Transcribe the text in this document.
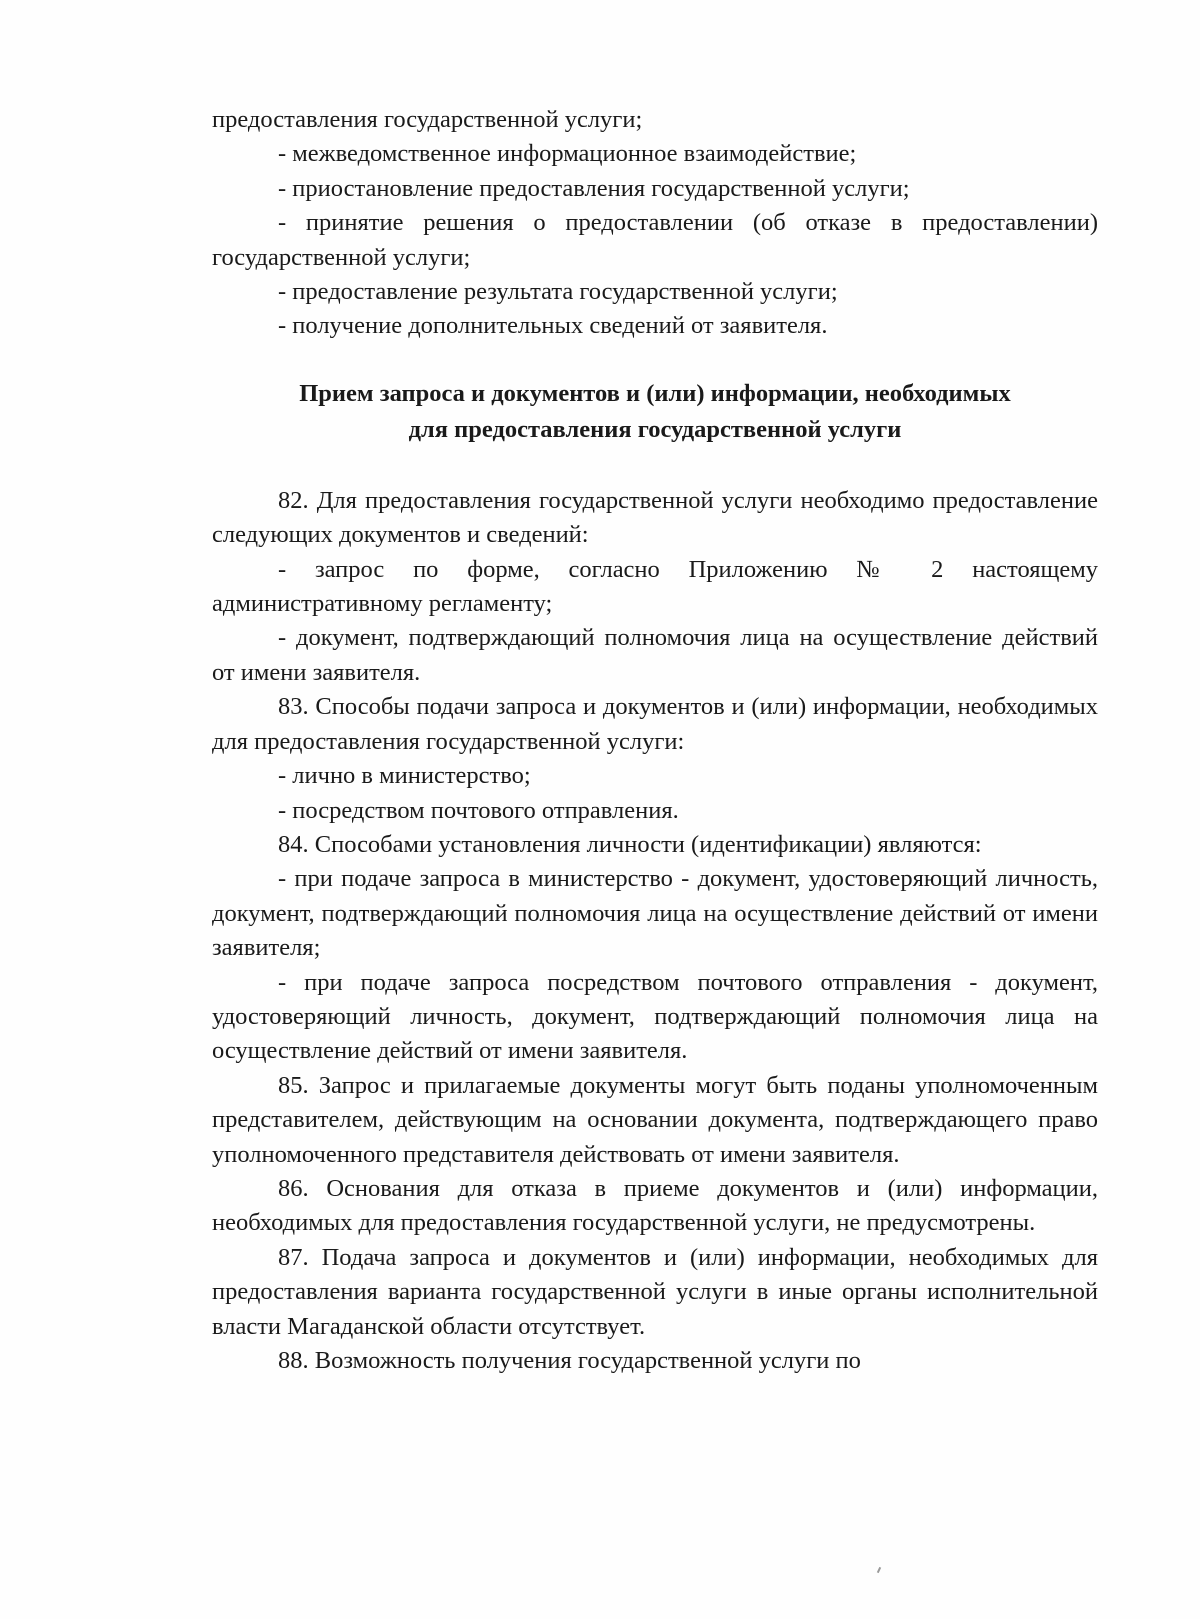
предоставления государственной услуги;

- межведомственное информационное взаимодействие;

- приостановление предоставления государственной услуги;

- принятие решения о предоставлении (об отказе в предоставлении) государственной услуги;

- предоставление результата государственной услуги;

- получение дополнительных сведений от заявителя.

Прием запроса и документов и (или) информации, необходимых
для предоставления государственной услуги

82. Для предоставления государственной услуги необходимо предоставление следующих документов и сведений:

- запрос по форме, согласно Приложению № 2 настоящему административному регламенту;

- документ, подтверждающий полномочия лица на осуществление действий от имени заявителя.

83. Способы подачи запроса и документов и (или) информации, необходимых для предоставления государственной услуги:

- лично в министерство;

- посредством почтового отправления.

84. Способами установления личности (идентификации) являются:

- при подаче запроса в министерство - документ, удостоверяющий личность, документ, подтверждающий полномочия лица на осуществление действий от имени заявителя;

- при подаче запроса посредством почтового отправления - документ, удостоверяющий личность, документ, подтверждающий полномочия лица на осуществление действий от имени заявителя.

85. Запрос и прилагаемые документы могут быть поданы уполномоченным представителем, действующим на основании документа, подтверждающего право уполномоченного представителя действовать от имени заявителя.

86. Основания для отказа в приеме документов и (или) информации, необходимых для предоставления государственной услуги, не предусмотрены.

87. Подача запроса и документов и (или) информации, необходимых для предоставления варианта государственной услуги в иные органы исполнительной власти Магаданской области отсутствует.

88. Возможность получения государственной услуги по
